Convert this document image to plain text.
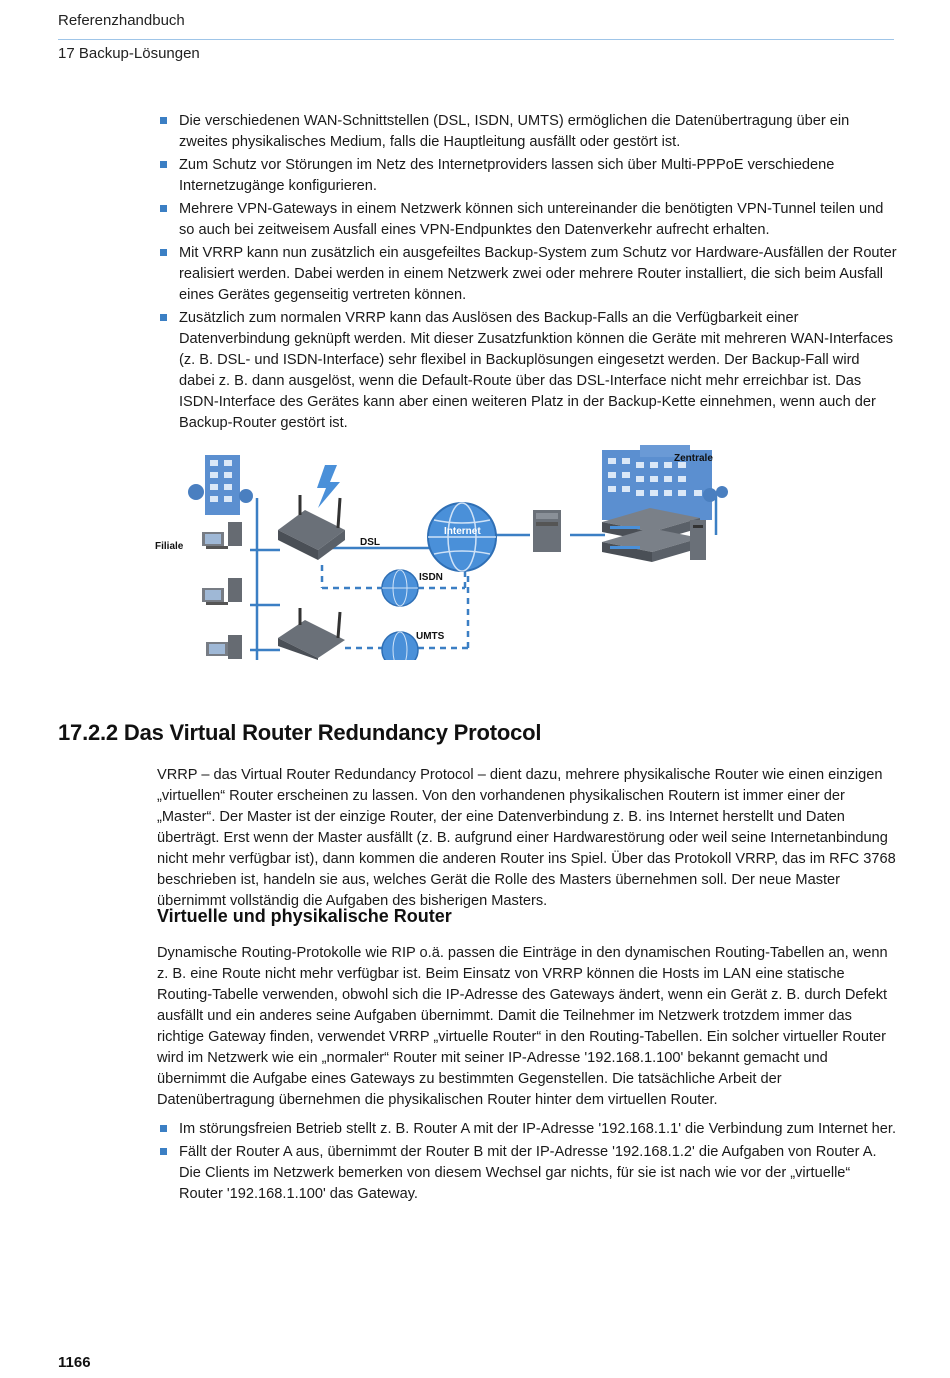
Referenzhandbuch
17 Backup-Lösungen
Die verschiedenen WAN-Schnittstellen (DSL, ISDN, UMTS) ermöglichen die Datenübertragung über ein zweites physikalisches Medium, falls die Hauptleitung ausfällt oder gestört ist.
Zum Schutz vor Störungen im Netz des Internetproviders lassen sich über Multi-PPPoE verschiedene Internetzugänge konfigurieren.
Mehrere VPN-Gateways in einem Netzwerk können sich untereinander die benötigten VPN-Tunnel teilen und so auch bei zeitweisem Ausfall eines VPN-Endpunktes den Datenverkehr aufrecht erhalten.
Mit VRRP kann nun zusätzlich ein ausgefeiltes Backup-System zum Schutz vor Hardware-Ausfällen der Router realisiert werden. Dabei werden in einem Netzwerk zwei oder mehrere Router installiert, die sich beim Ausfall eines Gerätes gegenseitig vertreten können.
Zusätzlich zum normalen VRRP kann das Auslösen des Backup-Falls an die Verfügbarkeit einer Datenverbindung geknüpft werden. Mit dieser Zusatzfunktion können die Geräte mit mehreren WAN-Interfaces (z. B. DSL- und ISDN-Interface) sehr flexibel in Backuplösungen eingesetzt werden. Der Backup-Fall wird dabei z. B. dann ausgelöst, wenn die Default-Route über das DSL-Interface nicht mehr erreichbar ist. Das ISDN-Interface des Gerätes kann aber einen weiteren Platz in der Backup-Kette einnehmen, wenn auch der Backup-Router gestört ist.
Filiale
Zentrale
Internet
DSL
ISDN
UMTS
17.2.2 Das Virtual Router Redundancy Protocol

VRRP – das Virtual Router Redundancy Protocol – dient dazu, mehrere physikalische Router wie einen einzigen „virtuellen“ Router erscheinen zu lassen. Von den vorhandenen physikalischen Routern ist immer einer der „Master“. Der Master ist der einzige Router, der eine Datenverbindung z. B. ins Internet herstellt und Daten überträgt. Erst wenn der Master ausfällt (z. B. aufgrund einer Hardwarestörung oder weil seine Internetanbindung nicht mehr verfügbar ist), dann kommen die anderen Router ins Spiel. Über das Protokoll VRRP, das im RFC 3768 beschrieben ist, handeln sie aus, welches Gerät die Rolle des Masters übernehmen soll. Der neue Master übernimmt vollständig die Aufgaben des bisherigen Masters.

Virtuelle und physikalische Router

Dynamische Routing-Protokolle wie RIP o.ä. passen die Einträge in den dynamischen Routing-Tabellen an, wenn z. B. eine Route nicht mehr verfügbar ist. Beim Einsatz von VRRP können die Hosts im LAN eine statische Routing-Tabelle verwenden, obwohl sich die IP-Adresse des Gateways ändert, wenn ein Gerät z. B. durch Defekt ausfällt und ein anderes seine Aufgaben übernimmt. Damit die Teilnehmer im Netzwerk trotzdem immer das richtige Gateway finden, verwendet VRRP „virtuelle Router“ in den Routing-Tabellen. Ein solcher virtueller Router wird im Netzwerk wie ein „normaler“ Router mit seiner IP-Adresse '192.168.1.100' bekannt gemacht und übernimmt die Aufgabe eines Gateways zu bestimmten Gegenstellen. Die tatsächliche Arbeit der Datenübertragung übernehmen die physikalischen Router hinter dem virtuellen Router.

Im störungsfreien Betrieb stellt z. B. Router A mit der IP-Adresse '192.168.1.1' die Verbindung zum Internet her.
Fällt der Router A aus, übernimmt der Router B mit der IP-Adresse '192.168.1.2' die Aufgaben von Router A. Die Clients im Netzwerk bemerken von diesem Wechsel gar nichts, für sie ist nach wie vor der „virtuelle“ Router '192.168.1.100' das Gateway.
1166
